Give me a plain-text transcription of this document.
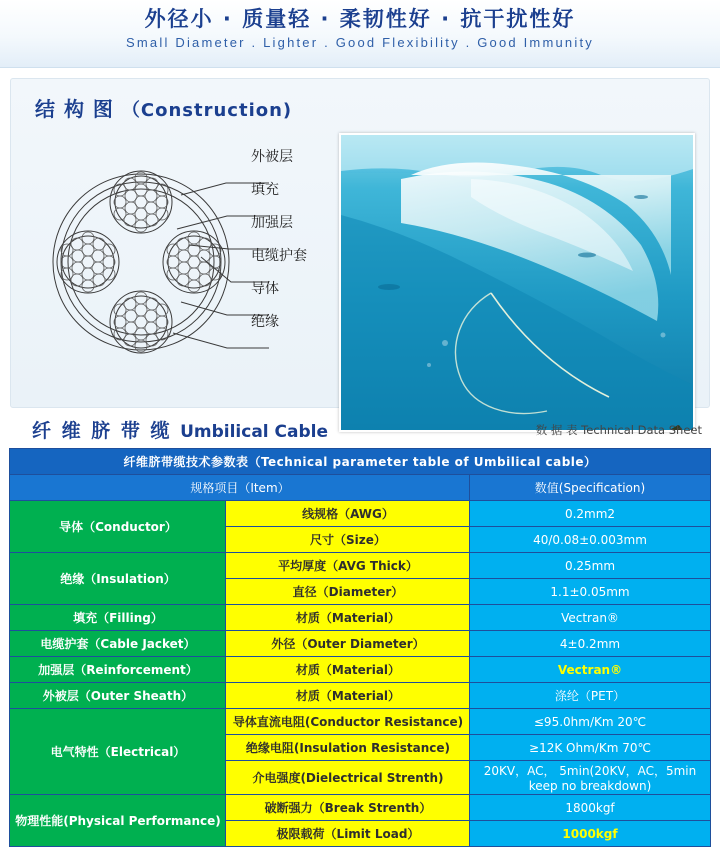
外径小 · 质量轻 · 柔韧性好 · 抗干扰性好
Small Diameter . Lighter . Good Flexibility . Good Immunity
结 构 图 （Construction)
外被层
填充
加强层
电缆护套
导体
绝缘
纤 维 脐 带 缆 Umbilical Cable	数 据 表 Technical Data Sheet
纤维脐带缆技术参数表（Technical parameter table of Umbilical cable）		
规格项目（Item）		数值(Specification)
导体（Conductor）	线规格（AWG）	0.2mm2
	尺寸（Size）	40/0.08±0.003mm
绝缘（Insulation）	平均厚度（AVG Thick）	0.25mm
	直径（Diameter）	1.1±0.05mm
填充（Filling）	材质（Material）	Vectran®
电缆护套（Cable Jacket）	外径（Outer Diameter）	4±0.2mm
加强层（Reinforcement）	材质（Material）	Vectran®
外被层（Outer Sheath）	材质（Material）	涤纶（PET）
电气特性（Electrical）	导体直流电阻(Conductor Resistance)	≤95.0hm/Km 20℃
	绝缘电阻(Insulation Resistance)	≥12K Ohm/Km 70℃
	介电强度(Dielectrical Strenth)	20KV，AC， 5min(20KV，AC，5min keep no breakdown)
物理性能(Physical Performance)	破断强力（Break Strenth）	1800kgf
	极限载荷（Limit Load）	1000kgf
